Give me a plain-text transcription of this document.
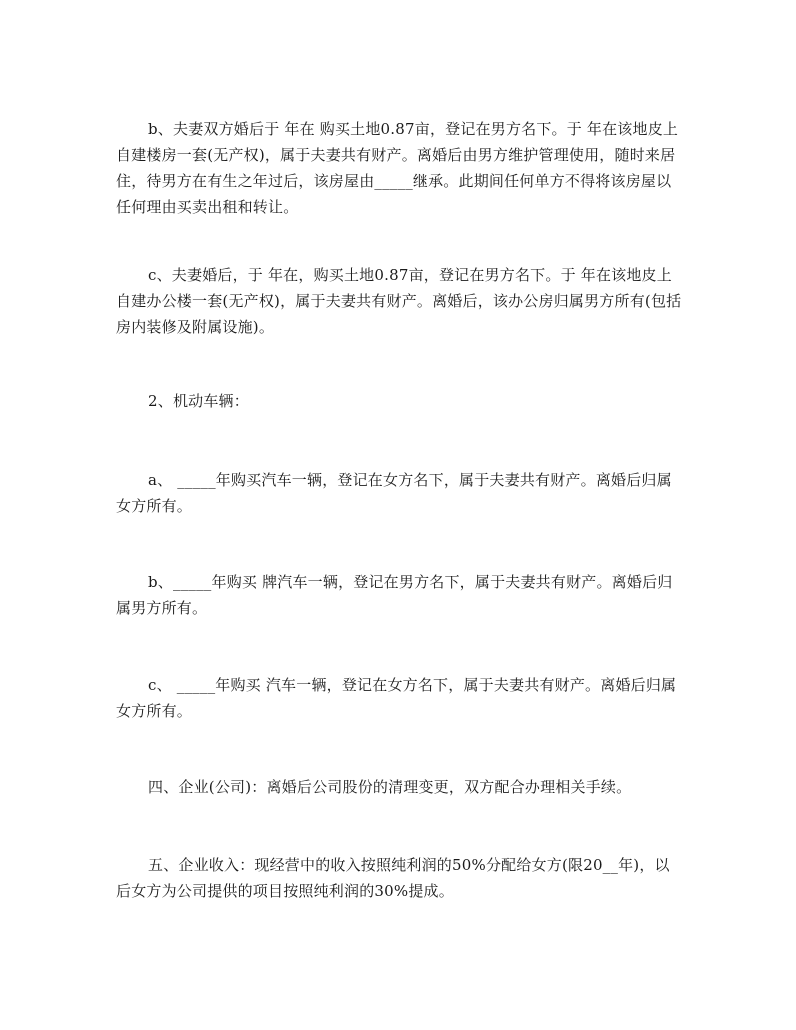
b、夫妻双方婚后于 年在 购买土地0.87亩，登记在男方名下。于 年在该地皮上自建楼房一套(无产权)，属于夫妻共有财产。离婚后由男方维护管理使用，随时来居住，待男方在有生之年过后，该房屋由_____继承。此期间任何单方不得将该房屋以任何理由买卖出租和转让。

c、夫妻婚后，于 年在，购买土地0.87亩，登记在男方名下。于 年在该地皮上自建办公楼一套(无产权)，属于夫妻共有财产。离婚后，该办公房归属男方所有(包括房内装修及附属设施)。

2、机动车辆：

a、 _____年购买汽车一辆，登记在女方名下，属于夫妻共有财产。离婚后归属女方所有。

b、_____年购买 牌汽车一辆，登记在男方名下，属于夫妻共有财产。离婚后归属男方所有。

c、 _____年购买 汽车一辆，登记在女方名下，属于夫妻共有财产。离婚后归属女方所有。

四、企业(公司)：离婚后公司股份的清理变更，双方配合办理相关手续。

五、企业收入：现经营中的收入按照纯利润的50%分配给女方(限20__年)，以后女方为公司提供的项目按照纯利润的30%提成。
